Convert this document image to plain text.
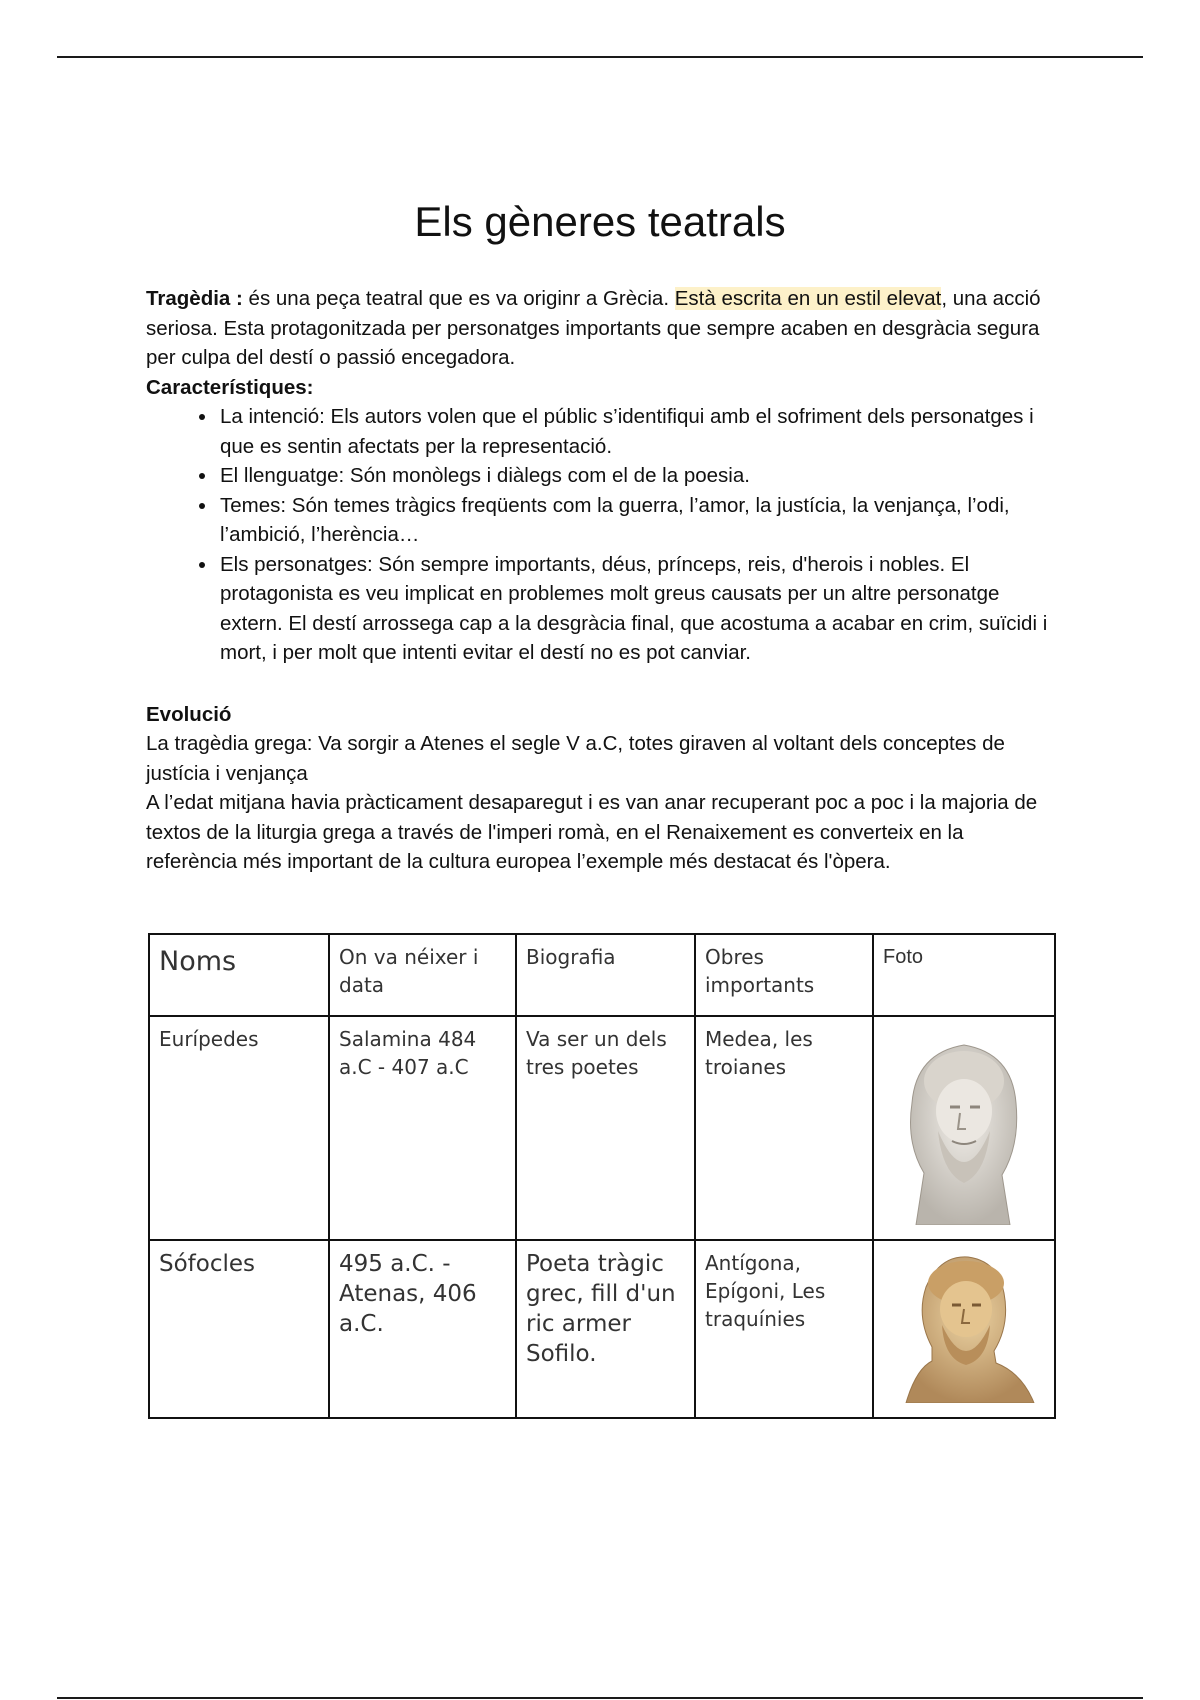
Els gèneres teatrals

Tragèdia : és una peça teatral que es va originr a Grècia. Està escrita en un estil elevat, una acció seriosa. Esta protagonitzada per personatges importants que sempre acaben en desgràcia segura per culpa del destí o passió encegadora.

Característiques:

• La intenció: Els autors volen que el públic s’identifiqui amb el sofriment dels personatges i que es sentin afectats per la representació.
• El llenguatge: Són monòlegs i diàlegs com el de la poesia.
• Temes: Són temes tràgics freqüents com la guerra, l’amor, la justícia, la venjança, l’odi, l’ambició, l’herència…
• Els personatges: Són sempre importants, déus, prínceps, reis, d'herois i nobles. El protagonista es veu implicat en problemes molt greus causats per un altre personatge extern. El destí arrossega cap a la desgràcia final, que acostuma a acabar en crim, suïcidi i mort, i per molt que intenti evitar el destí no es pot canviar.

Evolució

La tragèdia grega: Va sorgir a Atenes el segle V a.C, totes giraven al voltant dels conceptes de justícia i venjança

A l’edat mitjana havia pràcticament desaparegut i es van anar recuperant poc a poc i la majoria de textos de la liturgia grega a través de l'imperi romà, en el Renaixement es converteix en la referència més important de la cultura europea l’exemple més destacat és l'òpera.

Noms	On va néixer i data	Biografia	Obres importants	Foto
Eurípedes	Salamina 484 a.C - 407 a.C	Va ser un dels tres poetes	Medea, les troianes	

Sófocles	495 a.C. - Atenas, 406 a.C.	Poeta tràgic grec, fill d'un ric armer Sofilo.	Antígona, Epígoni, Les traquínies	
